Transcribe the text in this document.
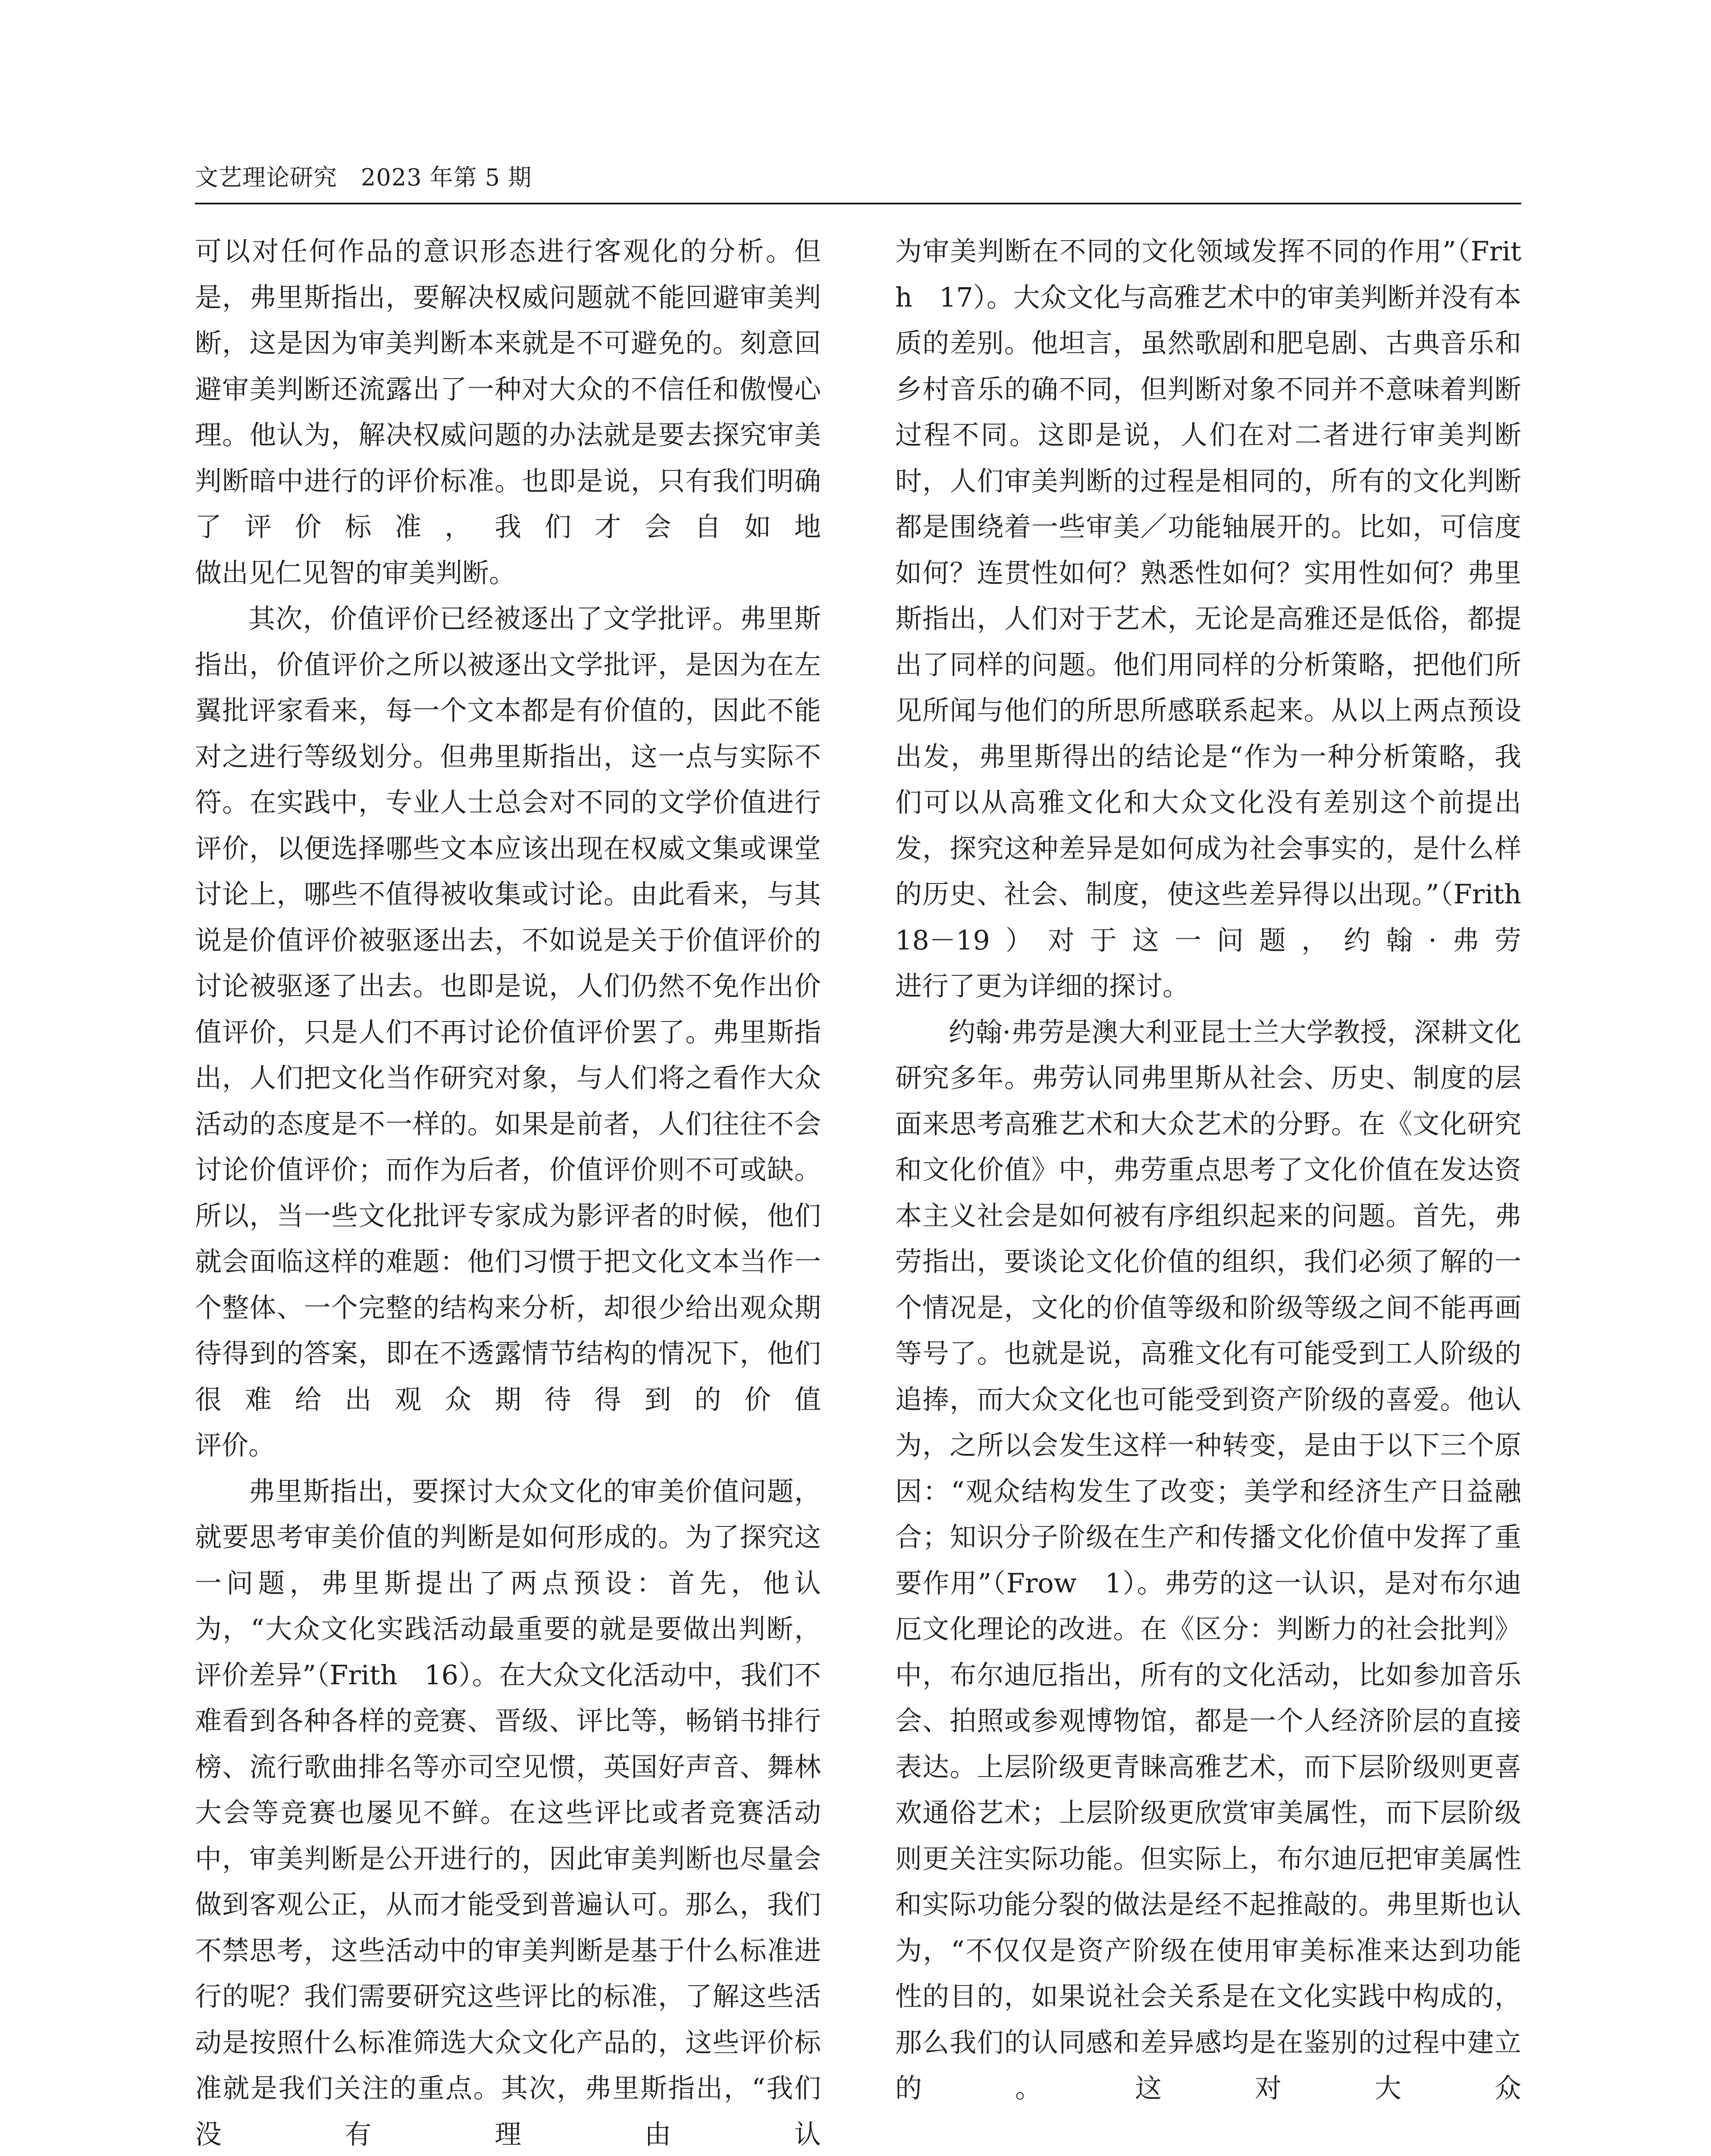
文艺理论研究　2023 年第 5 期

可以对任何作品的意识形态进行客观化的分析。但是，弗里斯指出，要解决权威问题就不能回避审美判断，这是因为审美判断本来就是不可避免的。刻意回避审美判断还流露出了一种对大众的不信任和傲慢心理。他认为，解决权威问题的办法就是要去探究审美判断暗中进行的评价标准。也即是说，只有我们明确了评价标准，我们才会自如地

做出见仁见智的审美判断。

其次，价值评价已经被逐出了文学批评。弗里斯指出，价值评价之所以被逐出文学批评，是因为在左翼批评家看来，每一个文本都是有价值的，因此不能对之进行等级划分。但弗里斯指出，这一点与实际不符。在实践中，专业人士总会对不同的文学价值进行评价，以便选择哪些文本应该出现在权威文集或课堂讨论上，哪些不值得被收集或讨论。由此看来，与其说是价值评价被驱逐出去，不如说是关于价值评价的讨论被驱逐了出去。也即是说，人们仍然不免作出价值评价，只是人们不再讨论价值评价罢了。弗里斯指出，人们把文化当作研究对象，与人们将之看作大众活动的态度是不一样的。如果是前者，人们往往不会讨论价值评价；而作为后者，价值评价则不可或缺。所以，当一些文化批评专家成为影评者的时候，他们就会面临这样的难题：他们习惯于把文化文本当作一个整体、一个完整的结构来分析，却很少给出观众期待得到的答案，即在不透露情节结构的情况下，他们很难给出观众期待得到的价值

评价。

弗里斯指出，要探讨大众文化的审美价值问题，就要思考审美价值的判断是如何形成的。为了探究这一问题，弗里斯提出了两点预设：首先，他认为，“大众文化实践活动最重要的就是要做出判断，评价差异”（Frith　16）。在大众文化活动中，我们不难看到各种各样的竞赛、晋级、评比等，畅销书排行榜、流行歌曲排名等亦司空见惯，英国好声音、舞林大会等竞赛也屡见不鲜。在这些评比或者竞赛活动中，审美判断是公开进行的，因此审美判断也尽量会做到客观公正，从而才能受到普遍认可。那么，我们不禁思考，这些活动中的审美判断是基于什么标准进行的呢？我们需要研究这些评比的标准，了解这些活动是按照什么标准筛选大众文化产品的，这些评价标准就是我们关注的重点。其次，弗里斯指出，“我们没有理由认

为审美判断在不同的文化领域发挥不同的作用”（Frith　17）。大众文化与高雅艺术中的审美判断并没有本质的差别。他坦言，虽然歌剧和肥皂剧、古典音乐和乡村音乐的确不同，但判断对象不同并不意味着判断过程不同。这即是说，人们在对二者进行审美判断时，人们审美判断的过程是相同的，所有的文化判断都是围绕着一些审美／功能轴展开的。比如，可信度如何？连贯性如何？熟悉性如何？实用性如何？弗里斯指出，人们对于艺术，无论是高雅还是低俗，都提出了同样的问题。他们用同样的分析策略，把他们所见所闻与他们的所思所感联系起来。从以上两点预设出发，弗里斯得出的结论是“作为一种分析策略，我们可以从高雅文化和大众文化没有差别这个前提出发，探究这种差异是如何成为社会事实的，是什么样的历史、社会、制度，使这些差异得以出现。”（Frith　18－19）对于这一问题，约翰·弗劳

进行了更为详细的探讨。

约翰·弗劳是澳大利亚昆士兰大学教授，深耕文化研究多年。弗劳认同弗里斯从社会、历史、制度的层面来思考高雅艺术和大众艺术的分野。在《文化研究和文化价值》中，弗劳重点思考了文化价值在发达资本主义社会是如何被有序组织起来的问题。首先，弗劳指出，要谈论文化价值的组织，我们必须了解的一个情况是，文化的价值等级和阶级等级之间不能再画等号了。也就是说，高雅文化有可能受到工人阶级的追捧，而大众文化也可能受到资产阶级的喜爱。他认为，之所以会发生这样一种转变，是由于以下三个原因：“观众结构发生了改变；美学和经济生产日益融合；知识分子阶级在生产和传播文化价值中发挥了重要作用”（Frow　1）。弗劳的这一认识，是对布尔迪厄文化理论的改进。在《区分：判断力的社会批判》中，布尔迪厄指出，所有的文化活动，比如参加音乐会、拍照或参观博物馆，都是一个人经济阶层的直接表达。上层阶级更青睐高雅艺术，而下层阶级则更喜欢通俗艺术；上层阶级更欣赏审美属性，而下层阶级则更关注实际功能。但实际上，布尔迪厄把审美属性和实际功能分裂的做法是经不起推敲的。弗里斯也认为，“不仅仅是资产阶级在使用审美标准来达到功能性的目的，如果说社会关系是在文化实践中构成的，那么我们的认同感和差异感均是在鉴别的过程中建立的。这对大众
